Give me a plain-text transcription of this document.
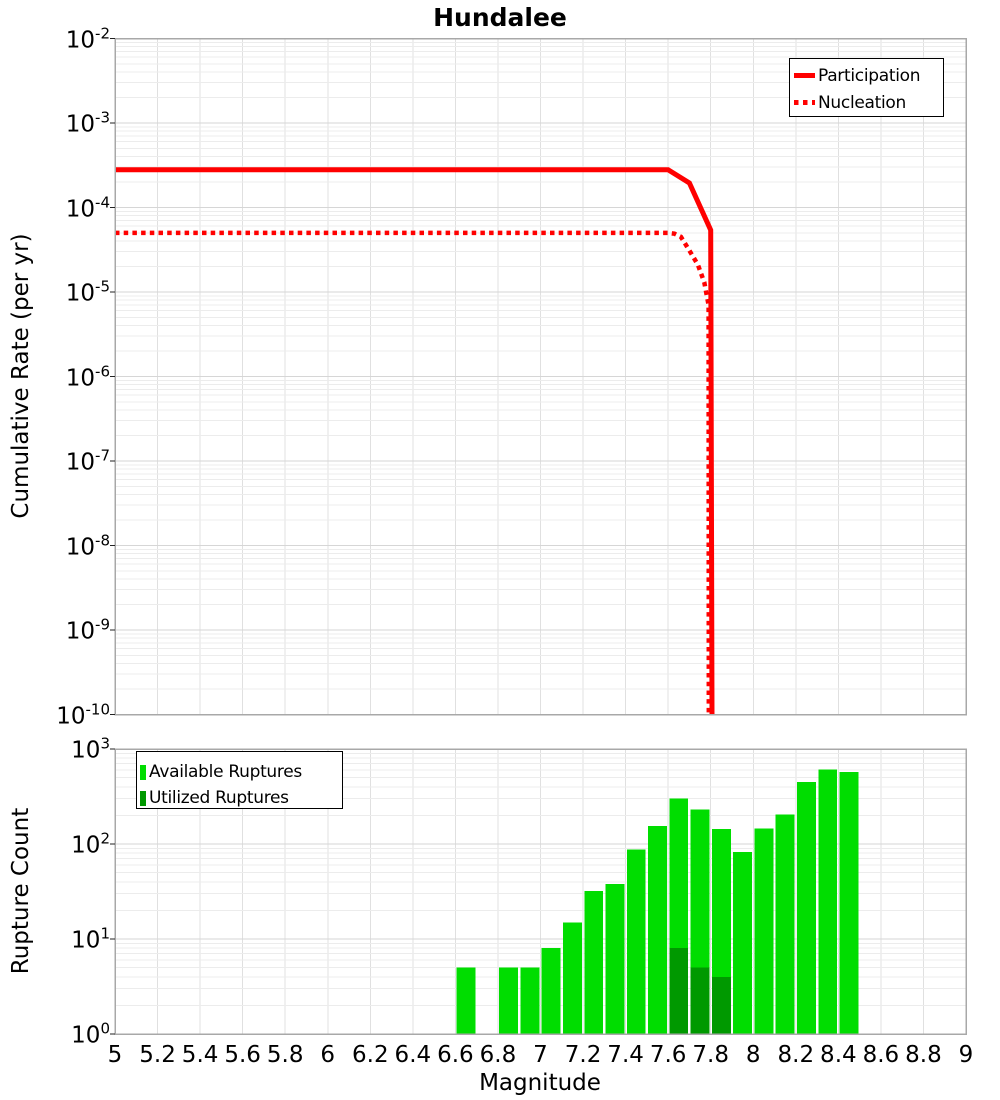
Hundalee
Cumulative Rate (per yr)
Rupture Count
Magnitude
$10^{-2}$
$10^{-3}$
$10^{-4}$
$10^{-5}$
$10^{-6}$
$10^{-7}$
$10^{-8}$
$10^{-9}$
$10^{-10}$
$10^3$
$10^2$
$10^1$
$10^0$
5 5.2 5.4 5.6 5.8 6 6.2 6.4 6.6 6.8 7 7.2 7.4 7.6 7.8 8 8.2 8.4 8.6 8.8 9
Participation
Nucleation
Available Ruptures
Utilized Ruptures
